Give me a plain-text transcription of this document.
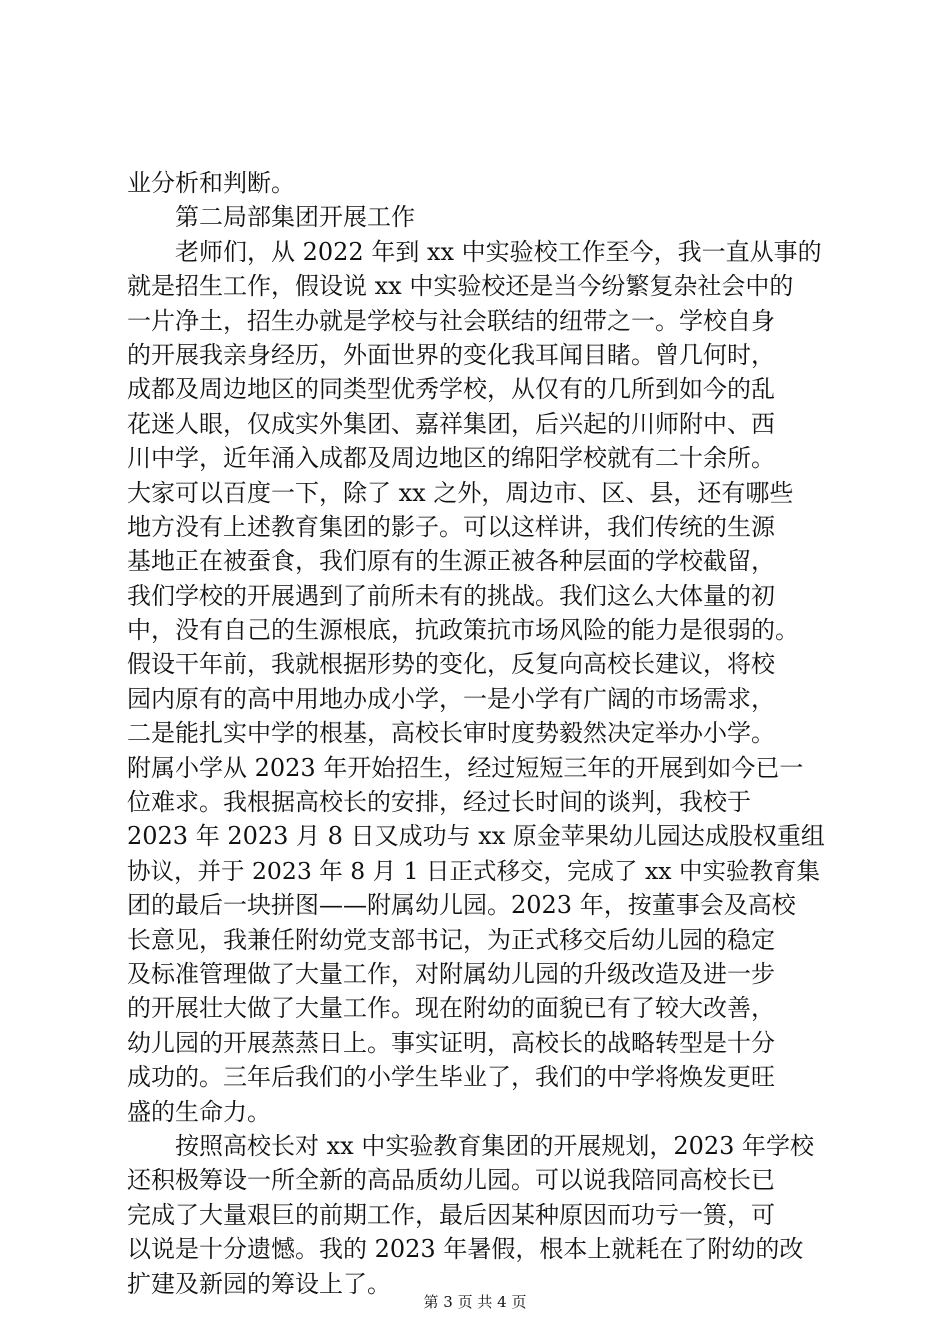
业分析和判断。
　　第二局部集团开展工作
　　老师们，从 2022 年到 xx 中实验校工作至今，我一直从事的
就是招生工作，假设说 xx 中实验校还是当今纷繁复杂社会中的
一片净土，招生办就是学校与社会联结的纽带之一。学校自身
的开展我亲身经历，外面世界的变化我耳闻目睹。曾几何时，
成都及周边地区的同类型优秀学校，从仅有的几所到如今的乱
花迷人眼，仅成实外集团、嘉祥集团，后兴起的川师附中、西
川中学，近年涌入成都及周边地区的绵阳学校就有二十余所。
大家可以百度一下，除了 xx 之外，周边市、区、县，还有哪些
地方没有上述教育集团的影子。可以这样讲，我们传统的生源
基地正在被蚕食，我们原有的生源正被各种层面的学校截留，
我们学校的开展遇到了前所未有的挑战。我们这么大体量的初
中，没有自己的生源根底，抗政策抗市场风险的能力是很弱的。
假设干年前，我就根据形势的变化，反复向高校长建议，将校
园内原有的高中用地办成小学，一是小学有广阔的市场需求，
二是能扎实中学的根基，高校长审时度势毅然决定举办小学。
附属小学从 2023 年开始招生，经过短短三年的开展到如今已一
位难求。我根据高校长的安排，经过长时间的谈判，我校于
2023 年 2023 月 8 日又成功与 xx 原金苹果幼儿园达成股权重组
协议，并于 2023 年 8 月 1 日正式移交，完成了 xx 中实验教育集
团的最后一块拼图——附属幼儿园。2023 年，按董事会及高校
长意见，我兼任附幼党支部书记，为正式移交后幼儿园的稳定
及标准管理做了大量工作，对附属幼儿园的升级改造及进一步
的开展壮大做了大量工作。现在附幼的面貌已有了较大改善，
幼儿园的开展蒸蒸日上。事实证明，高校长的战略转型是十分
成功的。三年后我们的小学生毕业了，我们的中学将焕发更旺
盛的生命力。
　　按照高校长对 xx 中实验教育集团的开展规划，2023 年学校
还积极筹设一所全新的高品质幼儿园。可以说我陪同高校长已
完成了大量艰巨的前期工作，最后因某种原因而功亏一篑，可
以说是十分遗憾。我的 2023 年暑假，根本上就耗在了附幼的改
扩建及新园的筹设上了。
第 3 页 共 4 页
